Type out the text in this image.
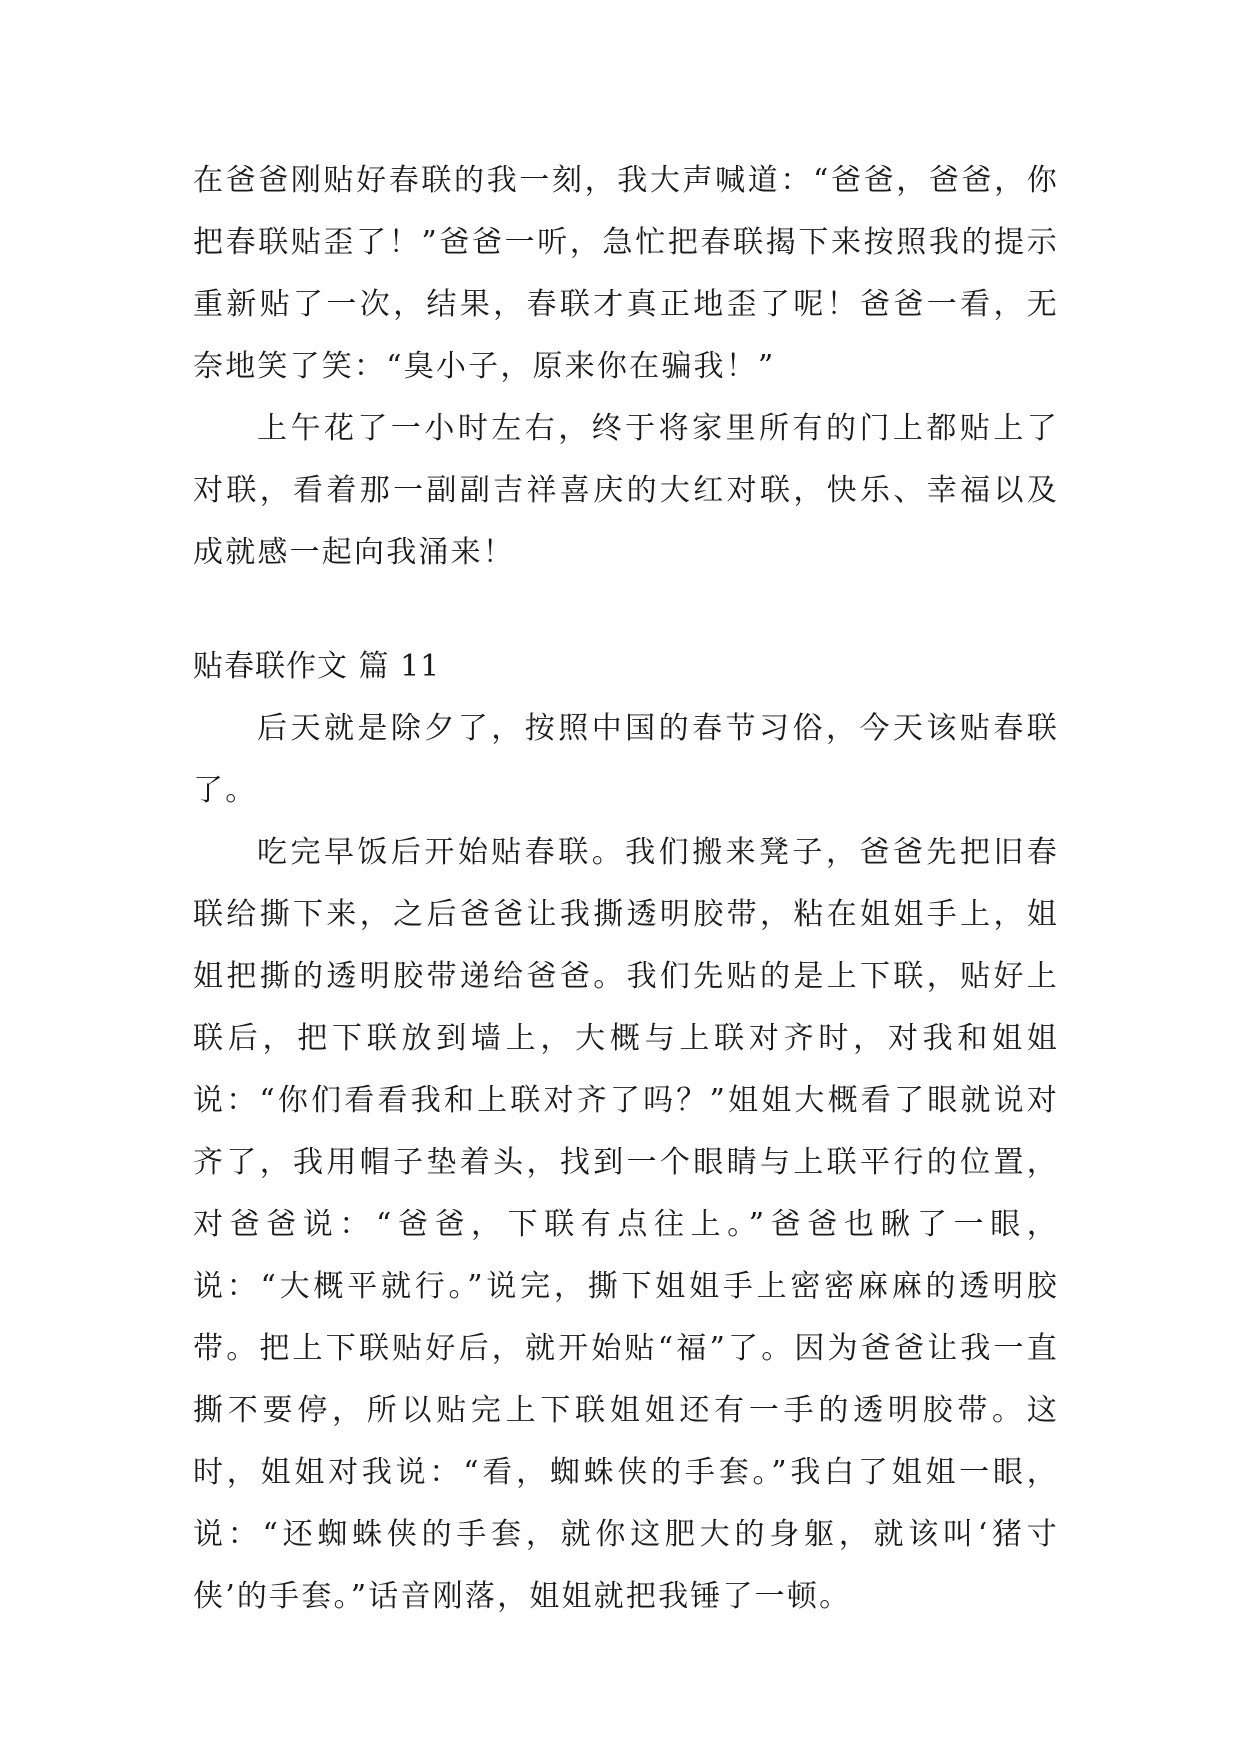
在爸爸刚贴好春联的我一刻，我大声喊道：“爸爸，爸爸，你把春联贴歪了！”爸爸一听，急忙把春联揭下来按照我的提示重新贴了一次，结果，春联才真正地歪了呢！爸爸一看，无奈地笑了笑：“臭小子，原来你在骗我！”

上午花了一小时左右，终于将家里所有的门上都贴上了对联，看着那一副副吉祥喜庆的大红对联，快乐、幸福以及成就感一起向我涌来！

贴春联作文 篇 11

后天就是除夕了，按照中国的春节习俗，今天该贴春联了。

吃完早饭后开始贴春联。我们搬来凳子，爸爸先把旧春联给撕下来，之后爸爸让我撕透明胶带，粘在姐姐手上，姐姐把撕的透明胶带递给爸爸。我们先贴的是上下联，贴好上联后，把下联放到墙上，大概与上联对齐时，对我和姐姐说：“你们看看我和上联对齐了吗？”姐姐大概看了眼就说对齐了，我用帽子垫着头，找到一个眼睛与上联平行的位置，对爸爸说：“爸爸，下联有点往上。”爸爸也瞅了一眼，说：“大概平就行。”说完，撕下姐姐手上密密麻麻的透明胶带。把上下联贴好后，就开始贴“福”了。因为爸爸让我一直撕不要停，所以贴完上下联姐姐还有一手的透明胶带。这时，姐姐对我说：“看，蜘蛛侠的手套。”我白了姐姐一眼，说：“还蜘蛛侠的手套，就你这肥大的身躯，就该叫‘猪寸侠’的手套。”话音刚落，姐姐就把我锤了一顿。
